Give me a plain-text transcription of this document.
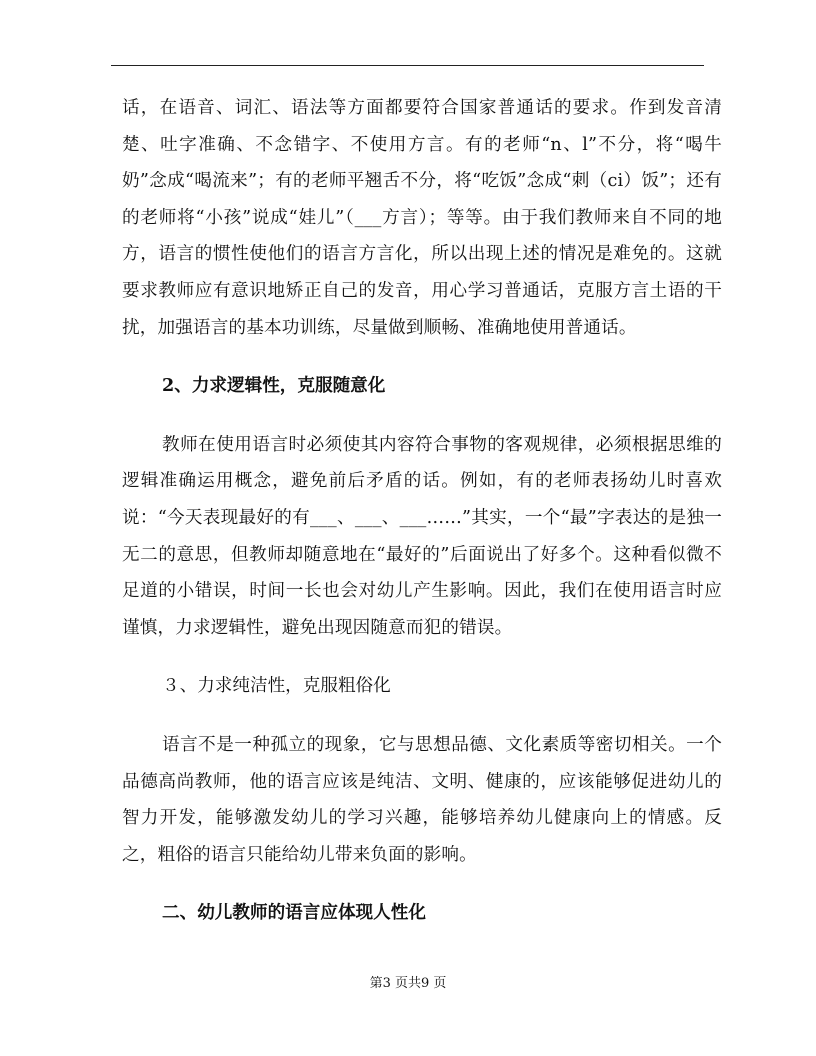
话，在语音、词汇、语法等方面都要符合国家普通话的要求。作到发音清楚、吐字准确、不念错字、不使用方言。有的老师“n、l”不分，将“喝牛奶”念成“喝流来”；有的老师平翘舌不分，将“吃饭”念成“刺（ci）饭”；还有的老师将“小孩”说成“娃儿”（___方言）；等等。由于我们教师来自不同的地方，语言的惯性使他们的语言方言化，所以出现上述的情况是难免的。这就要求教师应有意识地矫正自己的发音，用心学习普通话，克服方言土语的干扰，加强语言的基本功训练，尽量做到顺畅、准确地使用普通话。

2、力求逻辑性，克服随意化

教师在使用语言时必须使其内容符合事物的客观规律，必须根据思维的逻辑准确运用概念，避免前后矛盾的话。例如，有的老师表扬幼儿时喜欢说：“今天表现最好的有___、___、___……”其实，一个“最”字表达的是独一无二的意思，但教师却随意地在“最好的”后面说出了好多个。这种看似微不足道的小错误，时间一长也会对幼儿产生影响。因此，我们在使用语言时应谨慎，力求逻辑性，避免出现因随意而犯的错误。

３、力求纯洁性，克服粗俗化

语言不是一种孤立的现象，它与思想品德、文化素质等密切相关。一个品德高尚教师，他的语言应该是纯洁、文明、健康的，应该能够促进幼儿的智力开发，能够激发幼儿的学习兴趣，能够培养幼儿健康向上的情感。反之，粗俗的语言只能给幼儿带来负面的影响。

二、幼儿教师的语言应体现人性化

第3 页共9 页
